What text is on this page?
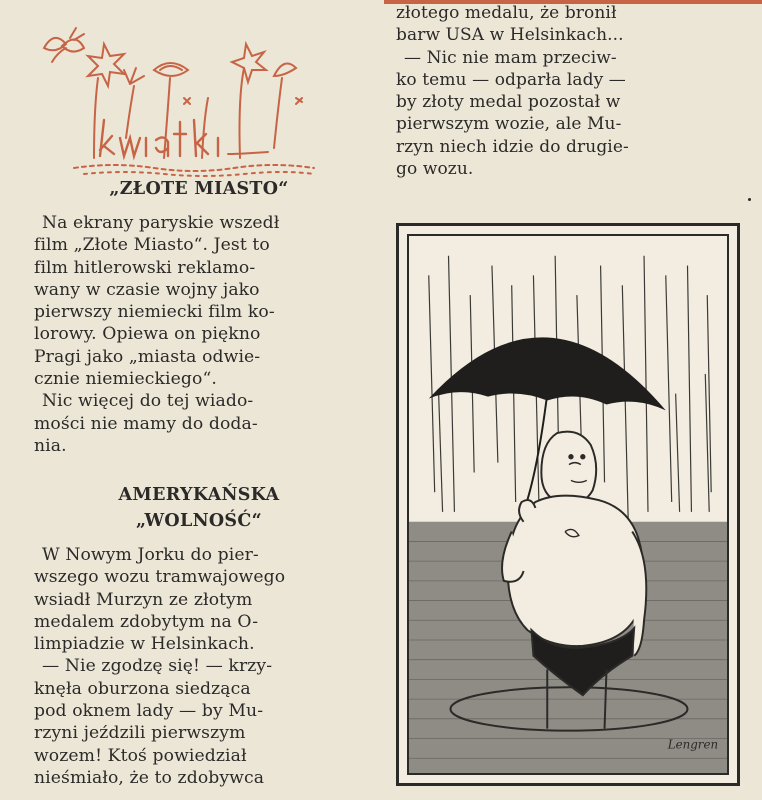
kwiatki
„ZŁOTE MIASTO“

Na ekrany paryskie wszedł
film „Złote Miasto“. Jest to
film hitlerowski reklamo-
wany w czasie wojny jako
pierwszy niemiecki film ko-
lorowy. Opiewa on piękno
Pragi jako „miasta odwie-
cznie niemieckiego“.
Nic więcej do tej wiado-
mości nie mamy do doda-
nia.

AMERYKAŃSKA
„WOLNOŚĆ“

W Nowym Jorku do pier-
wszego wozu tramwajowego
wsiadł Murzyn ze złotym
medalem zdobytym na O-
limpiadzie w Helsinkach.
— Nie zgodzę się! — krzy-
knęła oburzona siedząca
pod oknem lady — by Mu-
rzyni jeździli pierwszym
wozem! Ktoś powiedział
nieśmiało, że to zdobywca

złotego medalu, że bronił
barw USA w Helsinkach...
— Nic nie mam przeciw-
ko temu — odparła lady —
by złoty medal pozostał w
pierwszym wozie, ale Mu-
rzyn niech idzie do drugie-
go wozu.

Lengren
